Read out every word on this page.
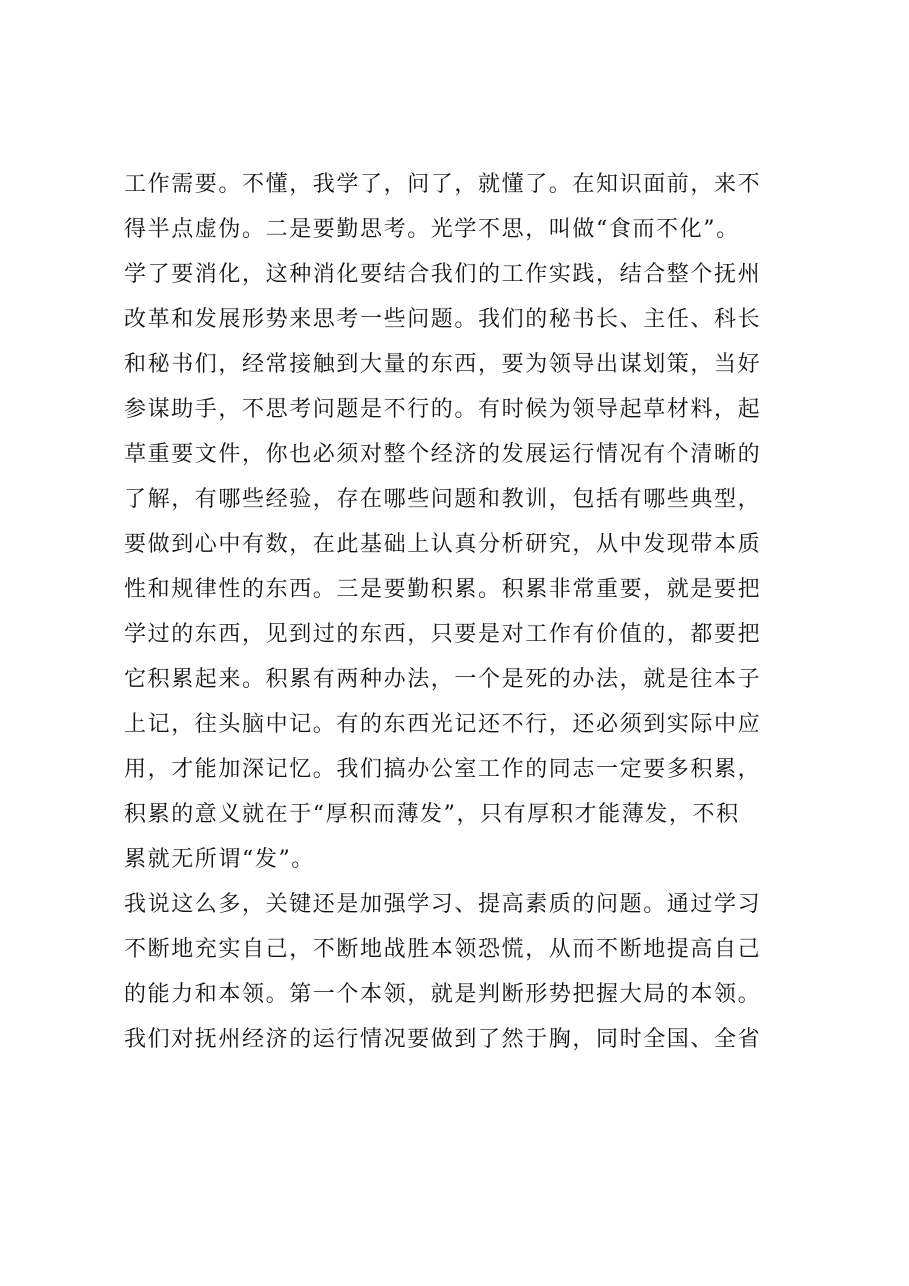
工作需要。不懂，我学了，问了，就懂了。在知识面前，来不
得半点虚伪。二是要勤思考。光学不思，叫做“食而不化”。
学了要消化，这种消化要结合我们的工作实践，结合整个抚州
改革和发展形势来思考一些问题。我们的秘书长、主任、科长
和秘书们，经常接触到大量的东西，要为领导出谋划策，当好
参谋助手，不思考问题是不行的。有时候为领导起草材料，起
草重要文件，你也必须对整个经济的发展运行情况有个清晰的
了解，有哪些经验，存在哪些问题和教训，包括有哪些典型，
要做到心中有数，在此基础上认真分析研究，从中发现带本质
性和规律性的东西。三是要勤积累。积累非常重要，就是要把
学过的东西，见到过的东西，只要是对工作有价值的，都要把
它积累起来。积累有两种办法，一个是死的办法，就是往本子
上记，往头脑中记。有的东西光记还不行，还必须到实际中应
用，才能加深记忆。我们搞办公室工作的同志一定要多积累，
积累的意义就在于“厚积而薄发”，只有厚积才能薄发，不积
累就无所谓“发”。
我说这么多，关键还是加强学习、提高素质的问题。通过学习
不断地充实自己，不断地战胜本领恐慌，从而不断地提高自己
的能力和本领。第一个本领，就是判断形势把握大局的本领。
我们对抚州经济的运行情况要做到了然于胸，同时全国、全省
